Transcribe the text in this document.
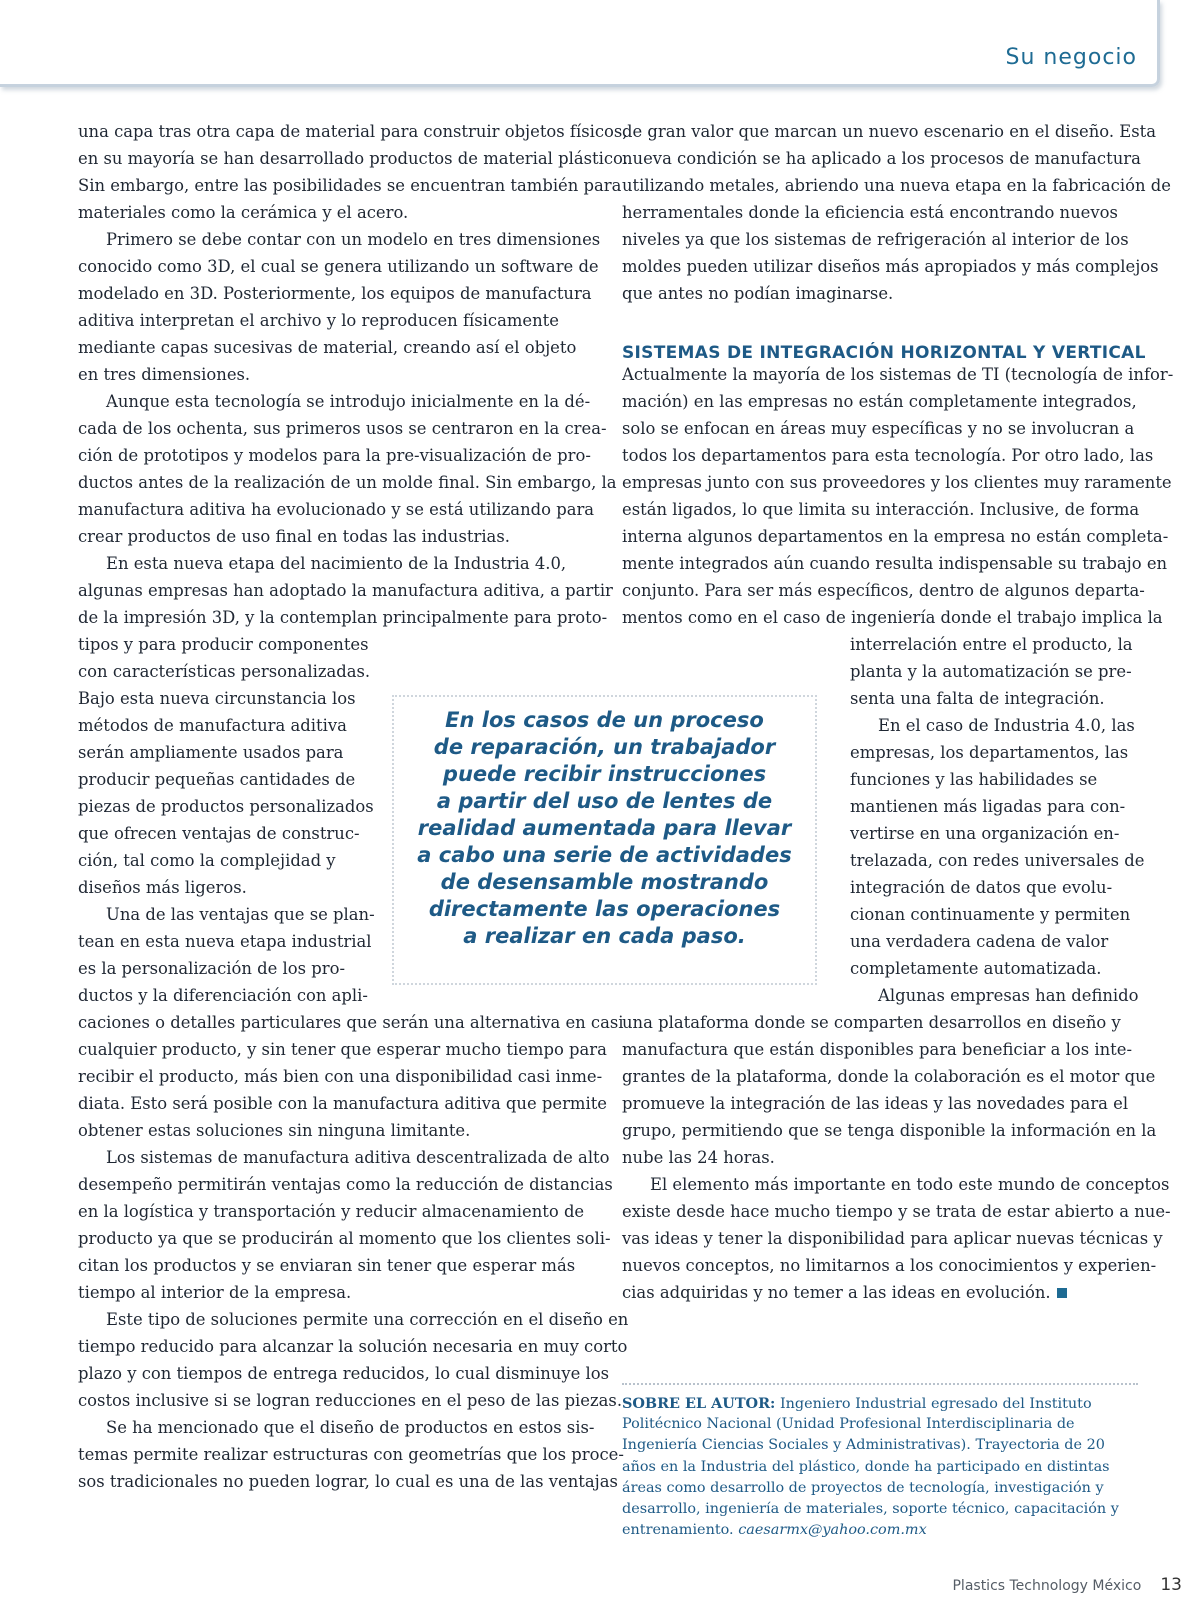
Su negocio
una capa tras otra capa de material para construir objetos físicos,
en su mayoría se han desarrollado productos de material plástico.
Sin embargo, entre las posibilidades se encuentran también para
materiales como la cerámica y el acero.
Primero se debe contar con un modelo en tres dimensiones
conocido como 3D, el cual se genera utilizando un software de
modelado en 3D. Posteriormente, los equipos de manufactura
aditiva interpretan el archivo y lo reproducen físicamente
mediante capas sucesivas de material, creando así el objeto
en tres dimensiones.
Aunque esta tecnología se introdujo inicialmente en la dé-
cada de los ochenta, sus primeros usos se centraron en la crea-
ción de prototipos y modelos para la pre-visualización de pro-
ductos antes de la realización de un molde final. Sin embargo, la
manufactura aditiva ha evolucionado y se está utilizando para
crear productos de uso final en todas las industrias.
En esta nueva etapa del nacimiento de la Industria 4.0,
algunas empresas han adoptado la manufactura aditiva, a partir
de la impresión 3D, y la contemplan principalmente para proto-
tipos y para producir componentes
con características personalizadas.
Bajo esta nueva circunstancia los
métodos de manufactura aditiva
serán ampliamente usados para
producir pequeñas cantidades de
piezas de productos personalizados
que ofrecen ventajas de construc-
ción, tal como la complejidad y
diseños más ligeros.
Una de las ventajas que se plan-
tean en esta nueva etapa industrial
es la personalización de los pro-
ductos y la diferenciación con apli-
caciones o detalles particulares que serán una alternativa en casi
cualquier producto, y sin tener que esperar mucho tiempo para
recibir el producto, más bien con una disponibilidad casi inme-
diata. Esto será posible con la manufactura aditiva que permite
obtener estas soluciones sin ninguna limitante.
Los sistemas de manufactura aditiva descentralizada de alto
desempeño permitirán ventajas como la reducción de distancias
en la logística y transportación y reducir almacenamiento de
producto ya que se producirán al momento que los clientes soli-
citan los productos y se enviaran sin tener que esperar más
tiempo al interior de la empresa.
Este tipo de soluciones permite una corrección en el diseño en
tiempo reducido para alcanzar la solución necesaria en muy corto
plazo y con tiempos de entrega reducidos, lo cual disminuye los
costos inclusive si se logran reducciones en el peso de las piezas.
Se ha mencionado que el diseño de productos en estos sis-
temas permite realizar estructuras con geometrías que los proce-
sos tradicionales no pueden lograr, lo cual es una de las ventajas
de gran valor que marcan un nuevo escenario en el diseño. Esta
nueva condición se ha aplicado a los procesos de manufactura
utilizando metales, abriendo una nueva etapa en la fabricación de
herramentales donde la eficiencia está encontrando nuevos
niveles ya que los sistemas de refrigeración al interior de los
moldes pueden utilizar diseños más apropiados y más complejos
que antes no podían imaginarse.
SISTEMAS DE INTEGRACIÓN HORIZONTAL Y VERTICAL
Actualmente la mayoría de los sistemas de TI (tecnología de infor-
mación) en las empresas no están completamente integrados,
solo se enfocan en áreas muy específicas y no se involucran a
todos los departamentos para esta tecnología. Por otro lado, las
empresas junto con sus proveedores y los clientes muy raramente
están ligados, lo que limita su interacción. Inclusive, de forma
interna algunos departamentos en la empresa no están completa-
mente integrados aún cuando resulta indispensable su trabajo en
conjunto. Para ser más específicos, dentro de algunos departa-
mentos como en el caso de ingeniería donde el trabajo implica la
interrelación entre el producto, la
planta y la automatización se pre-
senta una falta de integración.
En el caso de Industria 4.0, las
empresas, los departamentos, las
funciones y las habilidades se
mantienen más ligadas para con-
vertirse en una organización en-
trelazada, con redes universales de
integración de datos que evolu-
cionan continuamente y permiten
una verdadera cadena de valor
completamente automatizada.
Algunas empresas han definido
una plataforma donde se comparten desarrollos en diseño y
manufactura que están disponibles para beneficiar a los inte-
grantes de la plataforma, donde la colaboración es el motor que
promueve la integración de las ideas y las novedades para el
grupo, permitiendo que se tenga disponible la información en la
nube las 24 horas.
El elemento más importante en todo este mundo de conceptos
existe desde hace mucho tiempo y se trata de estar abierto a nue-
vas ideas y tener la disponibilidad para aplicar nuevas técnicas y
nuevos conceptos, no limitarnos a los conocimientos y experien-
cias adquiridas y no temer a las ideas en evolución.
En los casos de un proceso
de reparación, un trabajador
puede recibir instrucciones
a partir del uso de lentes de
realidad aumentada para llevar
a cabo una serie de actividades
de desensamble mostrando
directamente las operaciones
a realizar en cada paso.
SOBRE EL AUTOR: Ingeniero Industrial egresado del Instituto
Politécnico Nacional (Unidad Profesional Interdisciplinaria de
Ingeniería Ciencias Sociales y Administrativas). Trayectoria de 20
años en la Industria del plástico, donde ha participado en distintas
áreas como desarrollo de proyectos de tecnología, investigación y
desarrollo, ingeniería de materiales, soporte técnico, capacitación y
entrenamiento. caesarmx@yahoo.com.mx
Plastics Technology México 13
